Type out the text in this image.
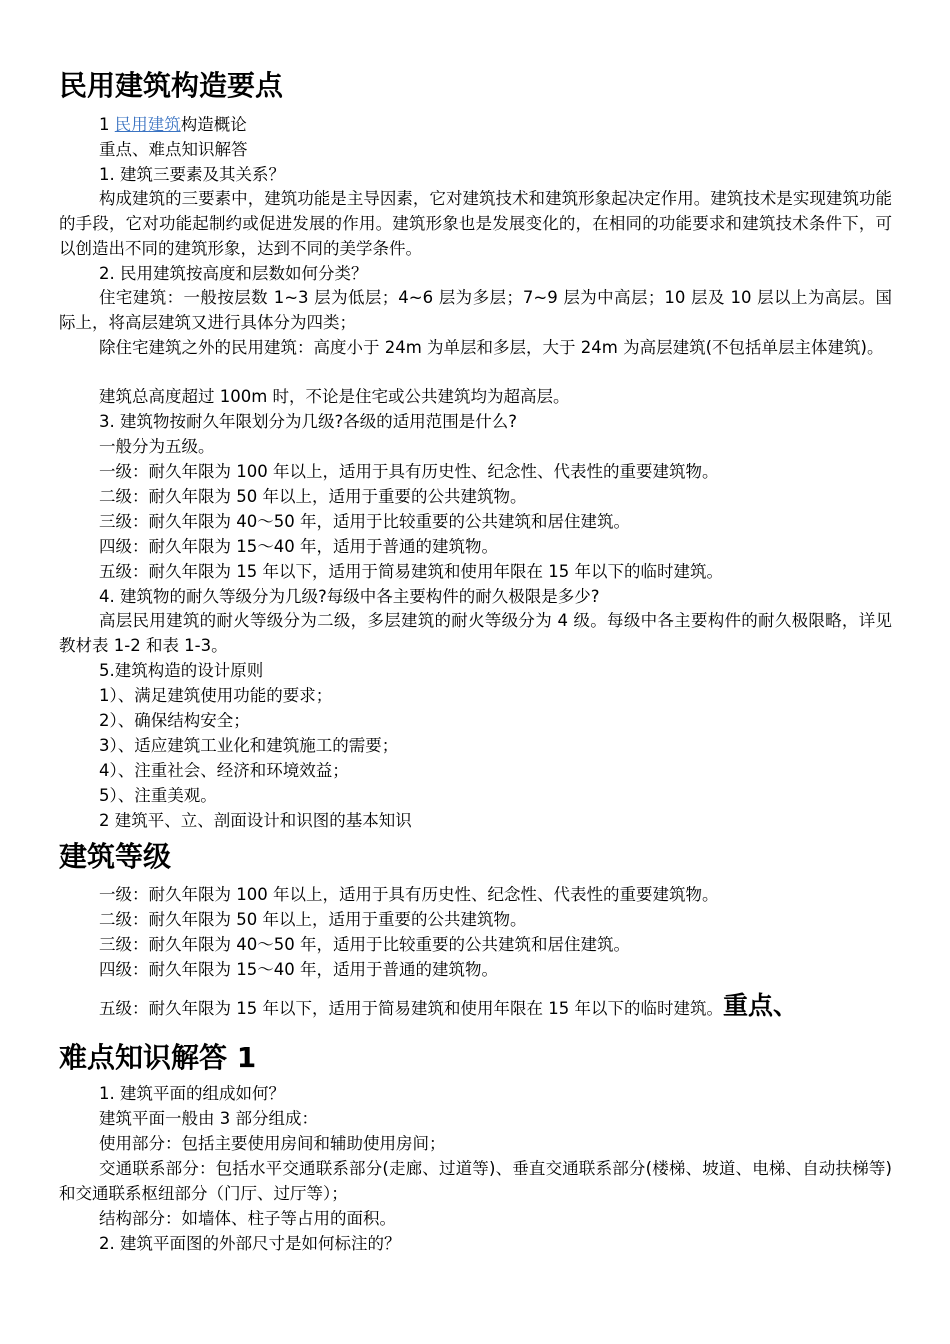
民用建筑构造要点
1 民用建筑构造概论
重点、难点知识解答
1. 建筑三要素及其关系？
构成建筑的三要素中，建筑功能是主导因素，它对建筑技术和建筑形象起决定作用。建筑技术是实现建筑功能的手段，它对功能起制约或促进发展的作用。建筑形象也是发展变化的，在相同的功能要求和建筑技术条件下，可以创造出不同的建筑形象，达到不同的美学条件。
2. 民用建筑按高度和层数如何分类？
住宅建筑：一般按层数 1~3 层为低层；4~6 层为多层；7~9 层为中高层；10 层及 10 层以上为高层。国际上，将高层建筑又进行具体分为四类；
除住宅建筑之外的民用建筑：高度小于 24m 为单层和多层，大于 24m 为高层建筑(不包括单层主体建筑)。
建筑总高度超过 100m 时，不论是住宅或公共建筑均为超高层。
3. 建筑物按耐久年限划分为几级?各级的适用范围是什么?
一般分为五级。
一级：耐久年限为 100 年以上，适用于具有历史性、纪念性、代表性的重要建筑物。
二级：耐久年限为 50 年以上，适用于重要的公共建筑物。
三级：耐久年限为 40～50 年，适用于比较重要的公共建筑和居住建筑。
四级：耐久年限为 15～40 年，适用于普通的建筑物。
五级：耐久年限为 15 年以下，适用于简易建筑和使用年限在 15 年以下的临时建筑。
4. 建筑物的耐久等级分为几级?每级中各主要构件的耐久极限是多少?
高层民用建筑的耐火等级分为二级，多层建筑的耐火等级分为 4 级。每级中各主要构件的耐久极限略，详见教材表 1-2 和表 1-3。
5.建筑构造的设计原则
1）、满足建筑使用功能的要求；
2）、确保结构安全；
3）、适应建筑工业化和建筑施工的需要；
4）、注重社会、经济和环境效益；
5）、注重美观。
2 建筑平、立、剖面设计和识图的基本知识
建筑等级
一级：耐久年限为 100 年以上，适用于具有历史性、纪念性、代表性的重要建筑物。
二级：耐久年限为 50 年以上，适用于重要的公共建筑物。
三级：耐久年限为 40～50 年，适用于比较重要的公共建筑和居住建筑。
四级：耐久年限为 15～40 年，适用于普通的建筑物。
五级：耐久年限为 15 年以下，适用于简易建筑和使用年限在 15 年以下的临时建筑。重点、
难点知识解答 1
1. 建筑平面的组成如何？
建筑平面一般由 3 部分组成：
使用部分：包括主要使用房间和辅助使用房间；
交通联系部分：包括水平交通联系部分(走廊、过道等)、垂直交通联系部分(楼梯、坡道、电梯、自动扶梯等)和交通联系枢纽部分（门厅、过厅等）；
结构部分：如墙体、柱子等占用的面积。
2. 建筑平面图的外部尺寸是如何标注的？
